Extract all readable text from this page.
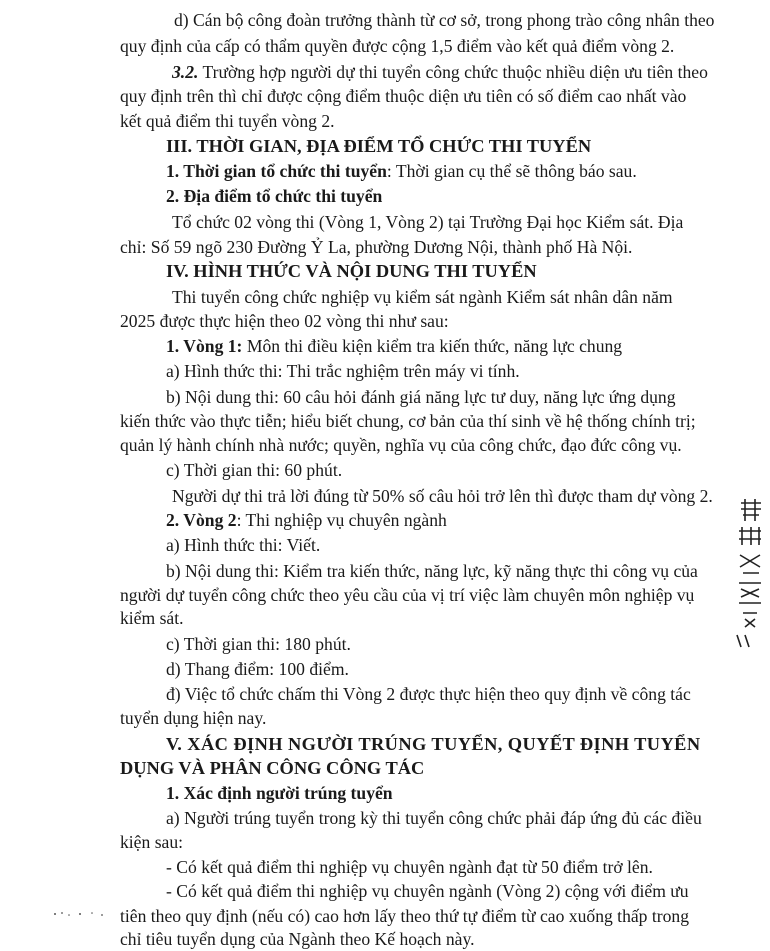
d) Cán bộ công đoàn trưởng thành từ cơ sở, trong phong trào công nhân theo
quy định của cấp có thẩm quyền được cộng 1,5 điểm vào kết quả điểm vòng 2.
3.2. Trường hợp người dự thi tuyển công chức thuộc nhiều diện ưu tiên theo
quy định trên thì chỉ được cộng điểm thuộc diện ưu tiên có số điểm cao nhất vào
kết quả điểm thi tuyển vòng 2.
III. THỜI GIAN, ĐỊA ĐIỂM TỔ CHỨC THI TUYỂN
1. Thời gian tổ chức thi tuyển: Thời gian cụ thể sẽ thông báo sau.
2. Địa điểm tổ chức thi tuyển
Tổ chức 02 vòng thi (Vòng 1, Vòng 2) tại Trường Đại học Kiểm sát. Địa
chỉ: Số 59 ngõ 230 Đường Ỷ La, phường Dương Nội, thành phố Hà Nội.
IV. HÌNH THỨC VÀ NỘI DUNG THI TUYỂN
Thi tuyển công chức nghiệp vụ kiểm sát ngành Kiểm sát nhân dân năm
2025 được thực hiện theo 02 vòng thi như sau:
1. Vòng 1: Môn thi điều kiện kiểm tra kiến thức, năng lực chung
a) Hình thức thi: Thi trắc nghiệm trên máy vi tính.
b) Nội dung thi: 60 câu hỏi đánh giá năng lực tư duy, năng lực ứng dụng
kiến thức vào thực tiễn; hiểu biết chung, cơ bản của thí sinh về hệ thống chính trị;
quản lý hành chính nhà nước; quyền, nghĩa vụ của công chức, đạo đức công vụ.
c) Thời gian thi: 60 phút.
Người dự thi trả lời đúng từ 50% số câu hỏi trở lên thì được tham dự vòng 2.
2. Vòng 2: Thi nghiệp vụ chuyên ngành
a) Hình thức thi: Viết.
b) Nội dung thi: Kiểm tra kiến thức, năng lực, kỹ năng thực thi công vụ của
người dự tuyển công chức theo yêu cầu của vị trí việc làm chuyên môn nghiệp vụ
kiểm sát.
c) Thời gian thi: 180 phút.
d) Thang điểm: 100 điểm.
đ) Việc tổ chức chấm thi Vòng 2 được thực hiện theo quy định về công tác
tuyển dụng hiện nay.
V. XÁC ĐỊNH NGƯỜI TRÚNG TUYỂN, QUYẾT ĐỊNH TUYỂN
DỤNG VÀ PHÂN CÔNG CÔNG TÁC
1. Xác định người trúng tuyển
a) Người trúng tuyển trong kỳ thi tuyển công chức phải đáp ứng đủ các điều
kiện sau:
- Có kết quả điểm thi nghiệp vụ chuyên ngành đạt từ 50 điểm trở lên.
- Có kết quả điểm thi nghiệp vụ chuyên ngành (Vòng 2) cộng với điểm ưu
tiên theo quy định (nếu có) cao hơn lấy theo thứ tự điểm từ cao xuống thấp trong
chỉ tiêu tuyển dụng của Ngành theo Kế hoạch này.
